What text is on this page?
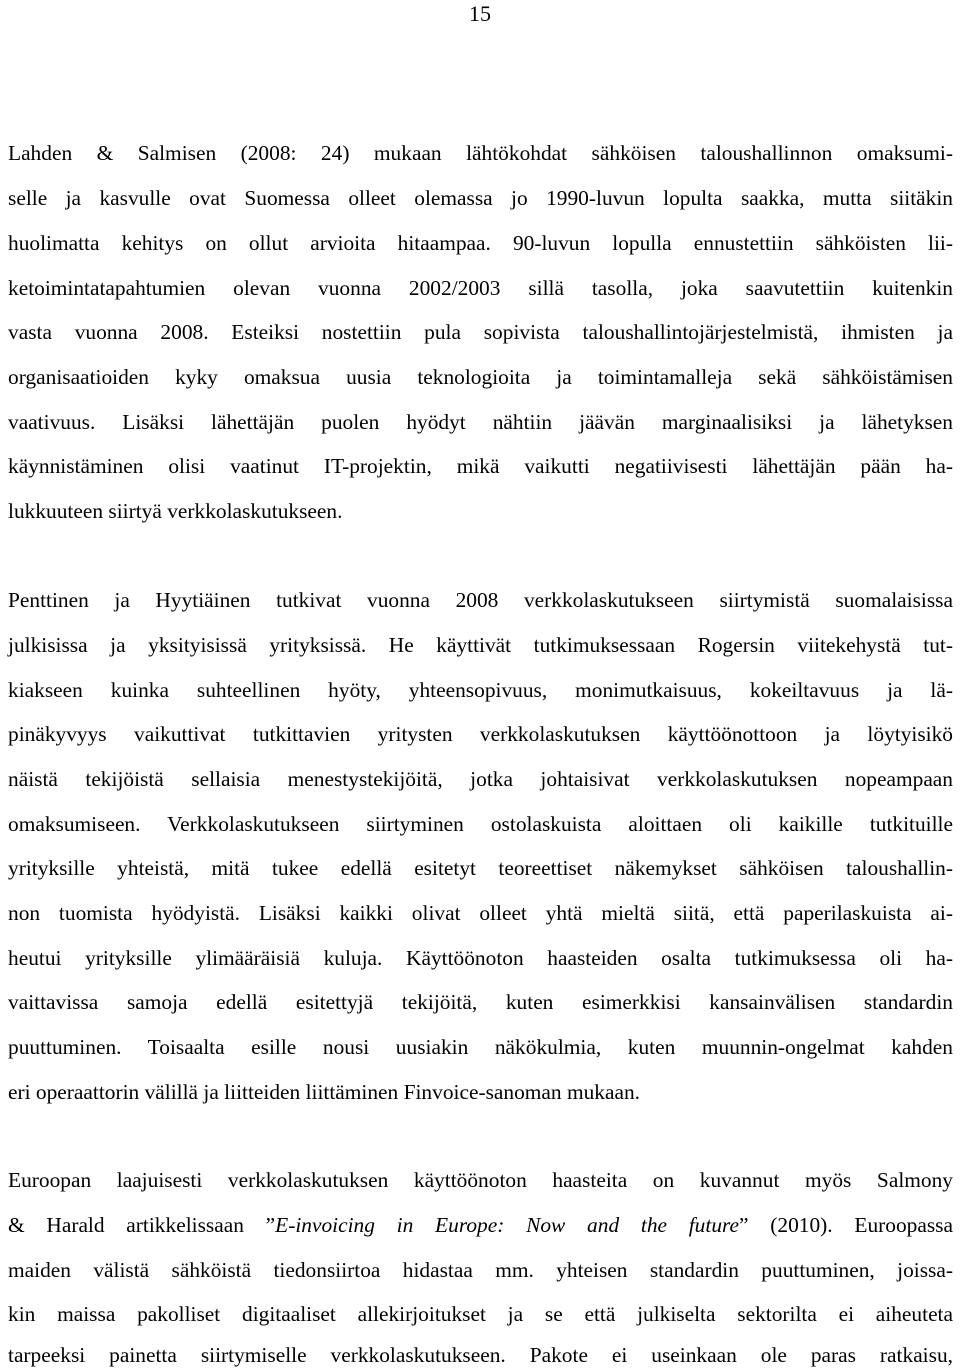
15
Lahden & Salmisen (2008: 24) mukaan lähtökohdat sähköisen taloushallinnon omaksumi-
selle ja kasvulle ovat Suomessa olleet olemassa jo 1990-luvun lopulta saakka, mutta siitäkin
huolimatta kehitys on ollut arvioita hitaampaa. 90-luvun lopulla ennustettiin sähköisten lii-
ketoimintatapahtumien olevan vuonna 2002/2003 sillä tasolla, joka saavutettiin kuitenkin
vasta vuonna 2008. Esteiksi nostettiin pula sopivista taloushallintojärjestelmistä, ihmisten ja
organisaatioiden kyky omaksua uusia teknologioita ja toimintamalleja sekä sähköistämisen
vaativuus. Lisäksi lähettäjän puolen hyödyt nähtiin jäävän marginaalisiksi ja lähetyksen
käynnistäminen olisi vaatinut IT-projektin, mikä vaikutti negatiivisesti lähettäjän pään ha-
lukkuuteen siirtyä verkkolaskutukseen.
Penttinen ja Hyytiäinen tutkivat vuonna 2008 verkkolaskutukseen siirtymistä suomalaisissa
julkisissa ja yksityisissä yrityksissä. He käyttivät tutkimuksessaan Rogersin viitekehystä tut-
kiakseen kuinka suhteellinen hyöty, yhteensopivuus, monimutkaisuus, kokeiltavuus ja lä-
pinäkyvyys vaikuttivat tutkittavien yritysten verkkolaskutuksen käyttöönottoon ja löytyisikö
näistä tekijöistä sellaisia menestystekijöitä, jotka johtaisivat verkkolaskutuksen nopeampaan
omaksumiseen. Verkkolaskutukseen siirtyminen ostolaskuista aloittaen oli kaikille tutkituille
yrityksille yhteistä, mitä tukee edellä esitetyt teoreettiset näkemykset sähköisen taloushallin-
non tuomista hyödyistä. Lisäksi kaikki olivat olleet yhtä mieltä siitä, että paperilaskuista ai-
heutui yrityksille ylimääräisiä kuluja. Käyttöönoton haasteiden osalta tutkimuksessa oli ha-
vaittavissa samoja edellä esitettyjä tekijöitä, kuten esimerkkisi kansainvälisen standardin
puuttuminen. Toisaalta esille nousi uusiakin näkökulmia, kuten muunnin-ongelmat kahden
eri operaattorin välillä ja liitteiden liittäminen Finvoice-sanoman mukaan.
Euroopan laajuisesti verkkolaskutuksen käyttöönoton haasteita on kuvannut myös Salmony
& Harald artikkelissaan ”E-invoicing in Europe: Now and the future” (2010). Euroopassa
maiden välistä sähköistä tiedonsiirtoa hidastaa mm. yhteisen standardin puuttuminen, joissa-
kin maissa pakolliset digitaaliset allekirjoitukset ja se että julkiselta sektorilta ei aiheuteta
tarpeeksi painetta siirtymiselle verkkolaskutukseen. Pakote ei useinkaan ole paras ratkaisu,
